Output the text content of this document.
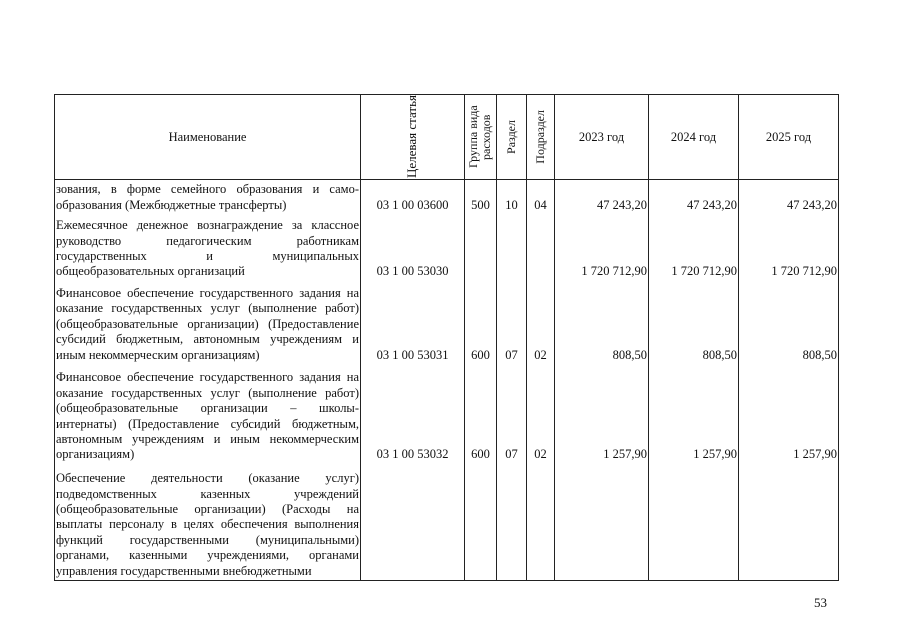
Наименование	Целевая статья	Группа вида расходов	Раздел	Подраздел	2023 год	2024 год	2025 год
зования, в форме семейного образования и само-образования (Межбюджетные трансферты)	03 1 00 03600	500	10	04	47 243,20	47 243,20	47 243,20
Ежемесячное денежное вознаграждение за классное руководство педагогическим работникам государственных и муниципальных общеобразовательных организаций	03 1 00 53030				1 720 712,90	1 720 712,90	1 720 712,90
Финансовое обеспечение государственного задания на оказание государственных услуг (выполнение работ) (общеобразовательные организации) (Предоставление субсидий бюджетным, автономным учреждениям и иным некоммерческим организациям)	03 1 00 53031	600	07	02	808,50	808,50	808,50
Финансовое обеспечение государственного задания на оказание государственных услуг (выполнение работ) (общеобразовательные организации – школы-интернаты) (Предоставление субсидий бюджетным, автономным учреждениям и иным некоммерческим организациям)	03 1 00 53032	600	07	02	1 257,90	1 257,90	1 257,90
Обеспечение деятельности (оказание услуг) подведомственных казенных учреждений (общеобразовательные организации) (Расходы на выплаты персоналу в целях обеспечения выполнения функций государственными (муниципальными) органами, казенными учреждениями, органами управления государственными внебюджетными							
53
